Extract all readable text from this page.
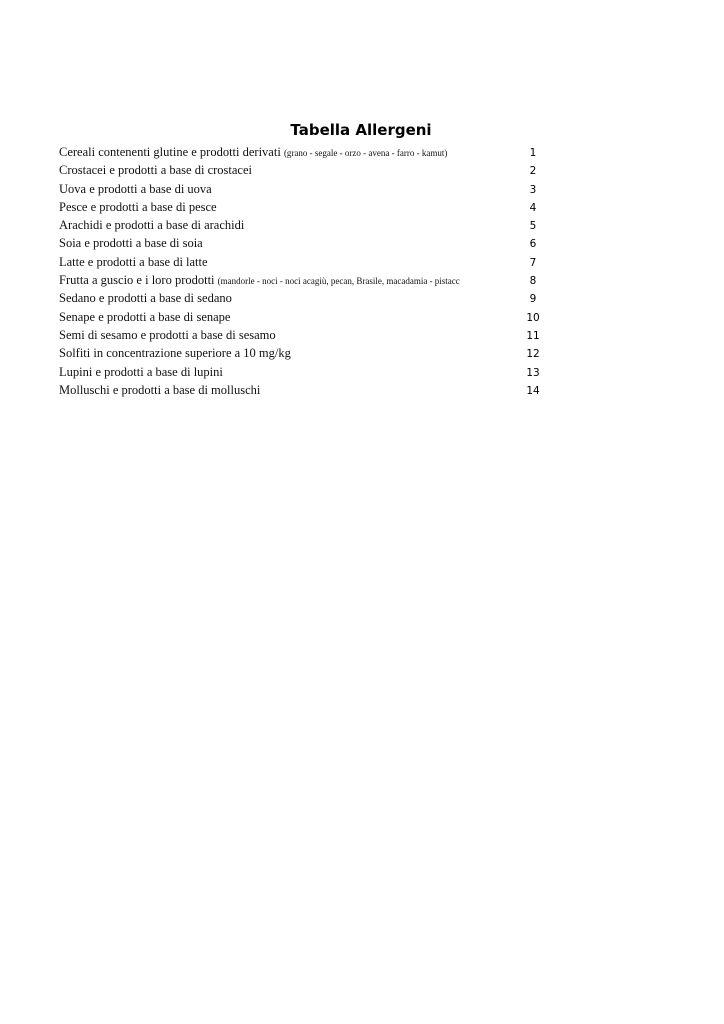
Tabella Allergeni
Cereali contenenti glutine e prodotti derivati (grano - segale - orzo - avena - farro - kamut)	1
Crostacei e prodotti a base di crostacei	2
Uova e prodotti a base di uova	3
Pesce e prodotti a base di pesce	4
Arachidi e prodotti a base di arachidi	5
Soia e prodotti a base di soia	6
Latte e prodotti a base di latte	7
Frutta a guscio e i loro prodotti (mandorle - noci - noci acagiù, pecan, Brasile, macadamia - pistacc	8
Sedano e prodotti a base di sedano	9
Senape e prodotti a base di senape	10
Semi di sesamo e prodotti a base di sesamo	11
Solfiti in concentrazione superiore a 10 mg/kg	12
Lupini e prodotti a base di lupini	13
Molluschi e prodotti a base di molluschi	14
